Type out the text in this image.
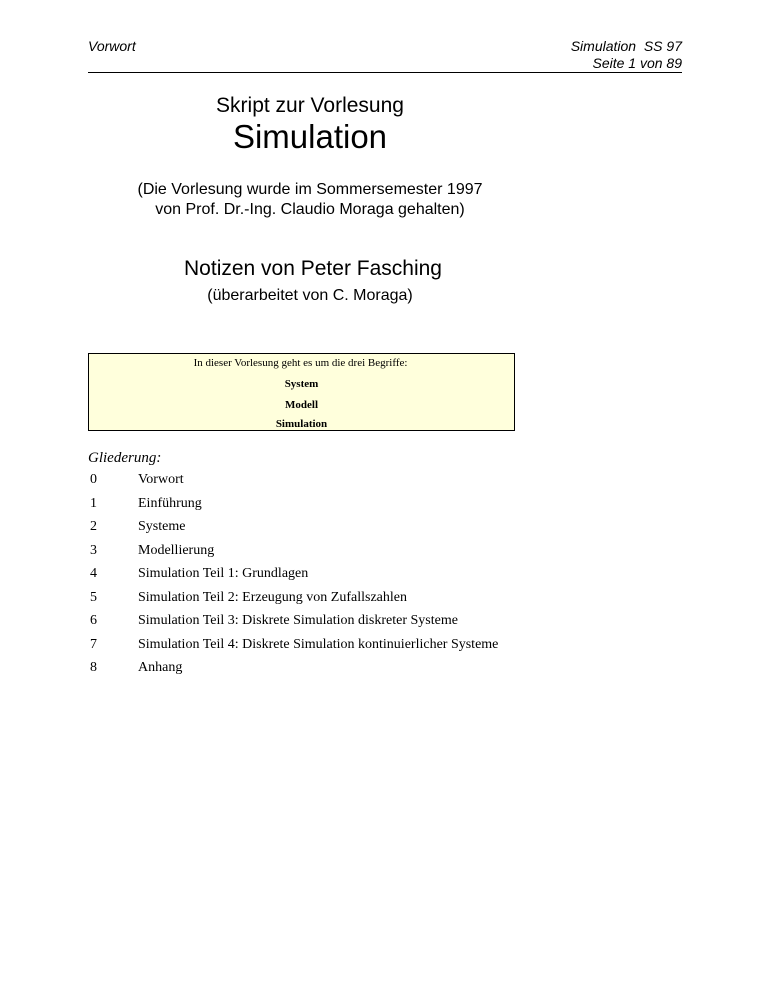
Vorwort	Simulation  SS 97
Seite 1 von 89
Skript zur Vorlesung
Simulation
(Die Vorlesung wurde im Sommersemester 1997
von Prof. Dr.-Ing. Claudio Moraga gehalten)
Notizen von Peter Fasching
(überarbeitet von C. Moraga)
In dieser Vorlesung geht es um die drei Begriffe:
System
Modell
Simulation
Gliederung:
0	Vorwort
1	Einführung
2	Systeme
3	Modellierung
4	Simulation Teil 1: Grundlagen
5	Simulation Teil 2: Erzeugung von Zufallszahlen
6	Simulation Teil 3: Diskrete Simulation diskreter Systeme
7	Simulation Teil 4: Diskrete Simulation kontinuierlicher Systeme
8	Anhang
